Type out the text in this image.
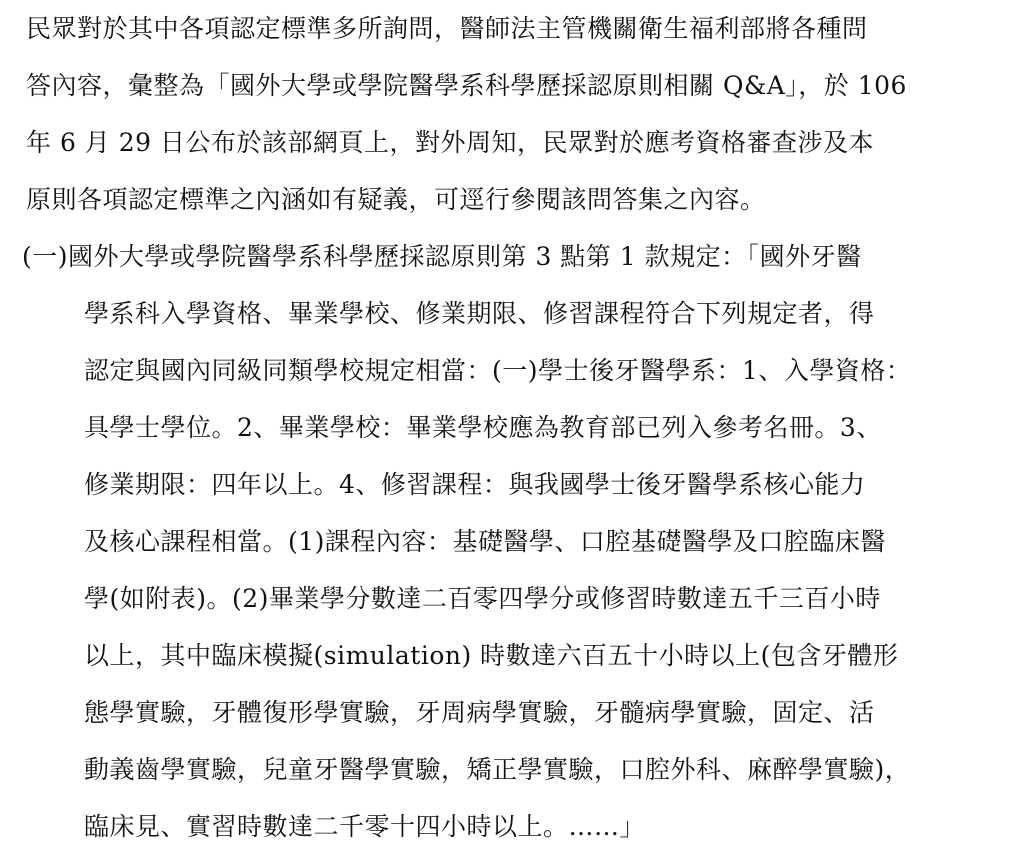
民眾對於其中各項認定標準多所詢問，醫師法主管機關衛生福利部將各種問
答內容，彙整為「國外大學或學院醫學系科學歷採認原則相關 Q&A」，於 106
年 6 月 29 日公布於該部網頁上，對外周知，民眾對於應考資格審查涉及本
原則各項認定標準之內涵如有疑義，可逕行參閱該問答集之內容。
(一)國外大學或學院醫學系科學歷採認原則第 3 點第 1 款規定：「國外牙醫
學系科入學資格、畢業學校、修業期限、修習課程符合下列規定者，得
認定與國內同級同類學校規定相當：(一)學士後牙醫學系：1、入學資格：
具學士學位。2、畢業學校：畢業學校應為教育部已列入參考名冊。3、
修業期限：四年以上。4、修習課程：與我國學士後牙醫學系核心能力
及核心課程相當。(1)課程內容：基礎醫學、口腔基礎醫學及口腔臨床醫
學(如附表)。(2)畢業學分數達二百零四學分或修習時數達五千三百小時
以上，其中臨床模擬(simulation) 時數達六百五十小時以上(包含牙體形
態學實驗，牙體復形學實驗，牙周病學實驗，牙髓病學實驗，固定、活
動義齒學實驗，兒童牙醫學實驗，矯正學實驗，口腔外科、麻醉學實驗)，
臨床見、實習時數達二千零十四小時以上。……」
